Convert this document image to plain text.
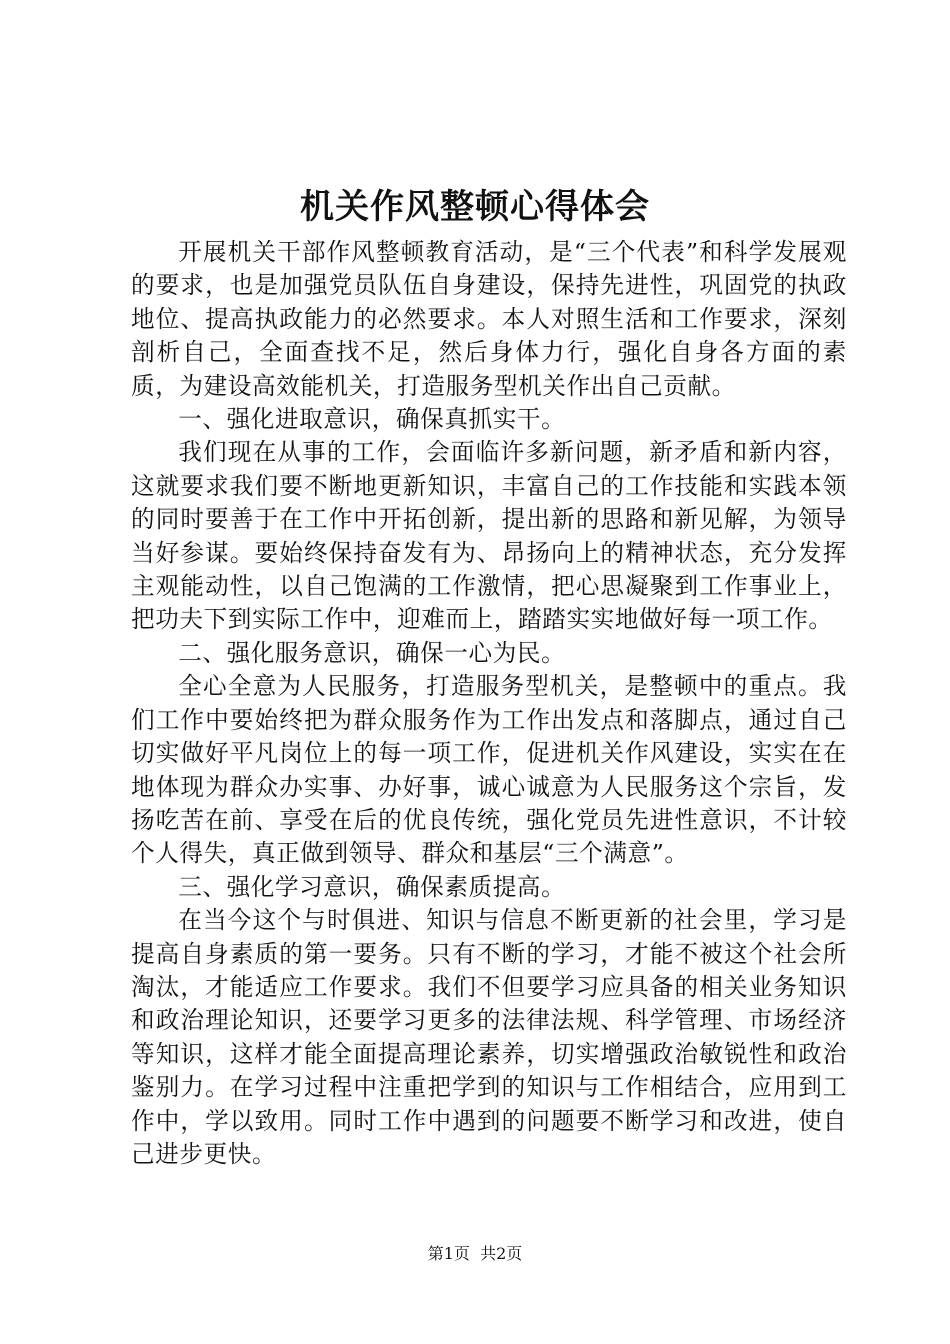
机关作风整顿心得体会

开展机关干部作风整顿教育活动，是“三个代表”和科学发展观的要求，也是加强党员队伍自身建设，保持先进性，巩固党的执政地位、提高执政能力的必然要求。本人对照生活和工作要求，深刻剖析自己，全面查找不足，然后身体力行，强化自身各方面的素质，为建设高效能机关，打造服务型机关作出自己贡献。

一、强化进取意识，确保真抓实干。

我们现在从事的工作，会面临许多新问题，新矛盾和新内容，这就要求我们要不断地更新知识，丰富自己的工作技能和实践本领的同时要善于在工作中开拓创新，提出新的思路和新见解，为领导当好参谋。要始终保持奋发有为、昂扬向上的精神状态，充分发挥主观能动性，以自己饱满的工作激情，把心思凝聚到工作事业上，把功夫下到实际工作中，迎难而上，踏踏实实地做好每一项工作。

二、强化服务意识，确保一心为民。

全心全意为人民服务，打造服务型机关，是整顿中的重点。我们工作中要始终把为群众服务作为工作出发点和落脚点，通过自己切实做好平凡岗位上的每一项工作，促进机关作风建设，实实在在地体现为群众办实事、办好事，诚心诚意为人民服务这个宗旨，发扬吃苦在前、享受在后的优良传统，强化党员先进性意识，不计较个人得失，真正做到领导、群众和基层“三个满意”。

三、强化学习意识，确保素质提高。

在当今这个与时俱进、知识与信息不断更新的社会里，学习是提高自身素质的第一要务。只有不断的学习，才能不被这个社会所淘汰，才能适应工作要求。我们不但要学习应具备的相关业务知识和政治理论知识，还要学习更多的法律法规、科学管理、市场经济等知识，这样才能全面提高理论素养，切实增强政治敏锐性和政治鉴别力。在学习过程中注重把学到的知识与工作相结合，应用到工作中，学以致用。同时工作中遇到的问题要不断学习和改进，使自己进步更快。

第1页  共2页
